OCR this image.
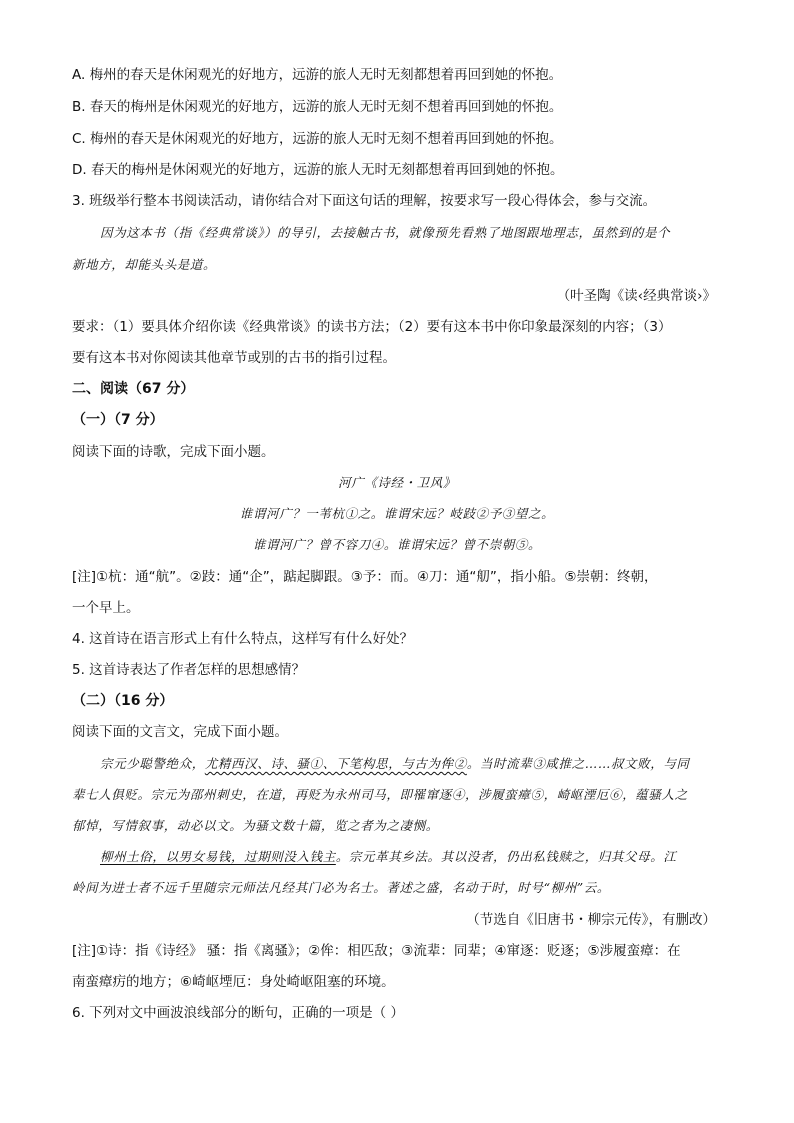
A. 梅州的春天是休闲观光的好地方，远游的旅人无时无刻都想着再回到她的怀抱。
B. 春天的梅州是休闲观光的好地方，远游的旅人无时无刻不想着再回到她的怀抱。
C. 梅州的春天是休闲观光的好地方，远游的旅人无时无刻不想着再回到她的怀抱。
D. 春天的梅州是休闲观光的好地方，远游的旅人无时无刻都想着再回到她的怀抱。
3. 班级举行整本书阅读活动，请你结合对下面这句话的理解，按要求写一段心得体会，参与交流。
因为这本书（指《经典常谈》）的导引，去接触古书，就像预先看熟了地图跟地理志，虽然到的是个
新地方，却能头头是道。
（叶圣陶《读‹经典常谈›》
要求：（1）要具体介绍你读《经典常谈》的读书方法；（2）要有这本书中你印象最深刻的内容；（3）
要有这本书对你阅读其他章节或别的古书的指引过程。
二、阅读（67 分）
（一）（7 分）
阅读下面的诗歌，完成下面小题。
河广《诗经・卫风》
谁谓河广？一苇杭①之。谁谓宋远？岐跂②予③望之。
谁谓河广？曾不容刀④。谁谓宋远？曾不崇朝⑤。
[注]①杭：通“航”。②跂：通“企”，踮起脚跟。③予：而。④刀：通“舠”，指小船。⑤崇朝：终朝，
一个早上。
4. 这首诗在语言形式上有什么特点，这样写有什么好处？
5. 这首诗表达了作者怎样的思想感情？
（二）（16 分）
阅读下面的文言文，完成下面小题。
宗元少聪警绝众，尤精西汉、诗、骚①、下笔构思，与古为侔②。当时流辈③咸推之……叔文败，与同
辈七人俱贬。宗元为邵州刺史，在道，再贬为永州司马，即罹窜逐④，涉履蛮瘴⑤，崎岖湮厄⑥，蕴骚人之
郁悼，写情叙事，动必以文。为骚文数十篇，览之者为之凄恻。
柳州土俗，以男女易钱，过期则没入钱主。宗元革其乡法。其以没者，仍出私钱赎之，归其父母。江
岭间为进士者不远千里随宗元师法凡经其门必为名士。著述之盛，名动于时，时号“柳州”云。
（节选自《旧唐书・柳宗元传》，有删改）
[注]①诗：指《诗经》 骚：指《离骚》；②侔：相匹敌；③流辈：同辈；④窜逐：贬逐；⑤涉履蛮瘴：在
南蛮瘴疠的地方；⑥崎岖堙厄：身处崎岖阻塞的环境。
6. 下列对文中画波浪线部分的断句，正确的一项是（ ）
